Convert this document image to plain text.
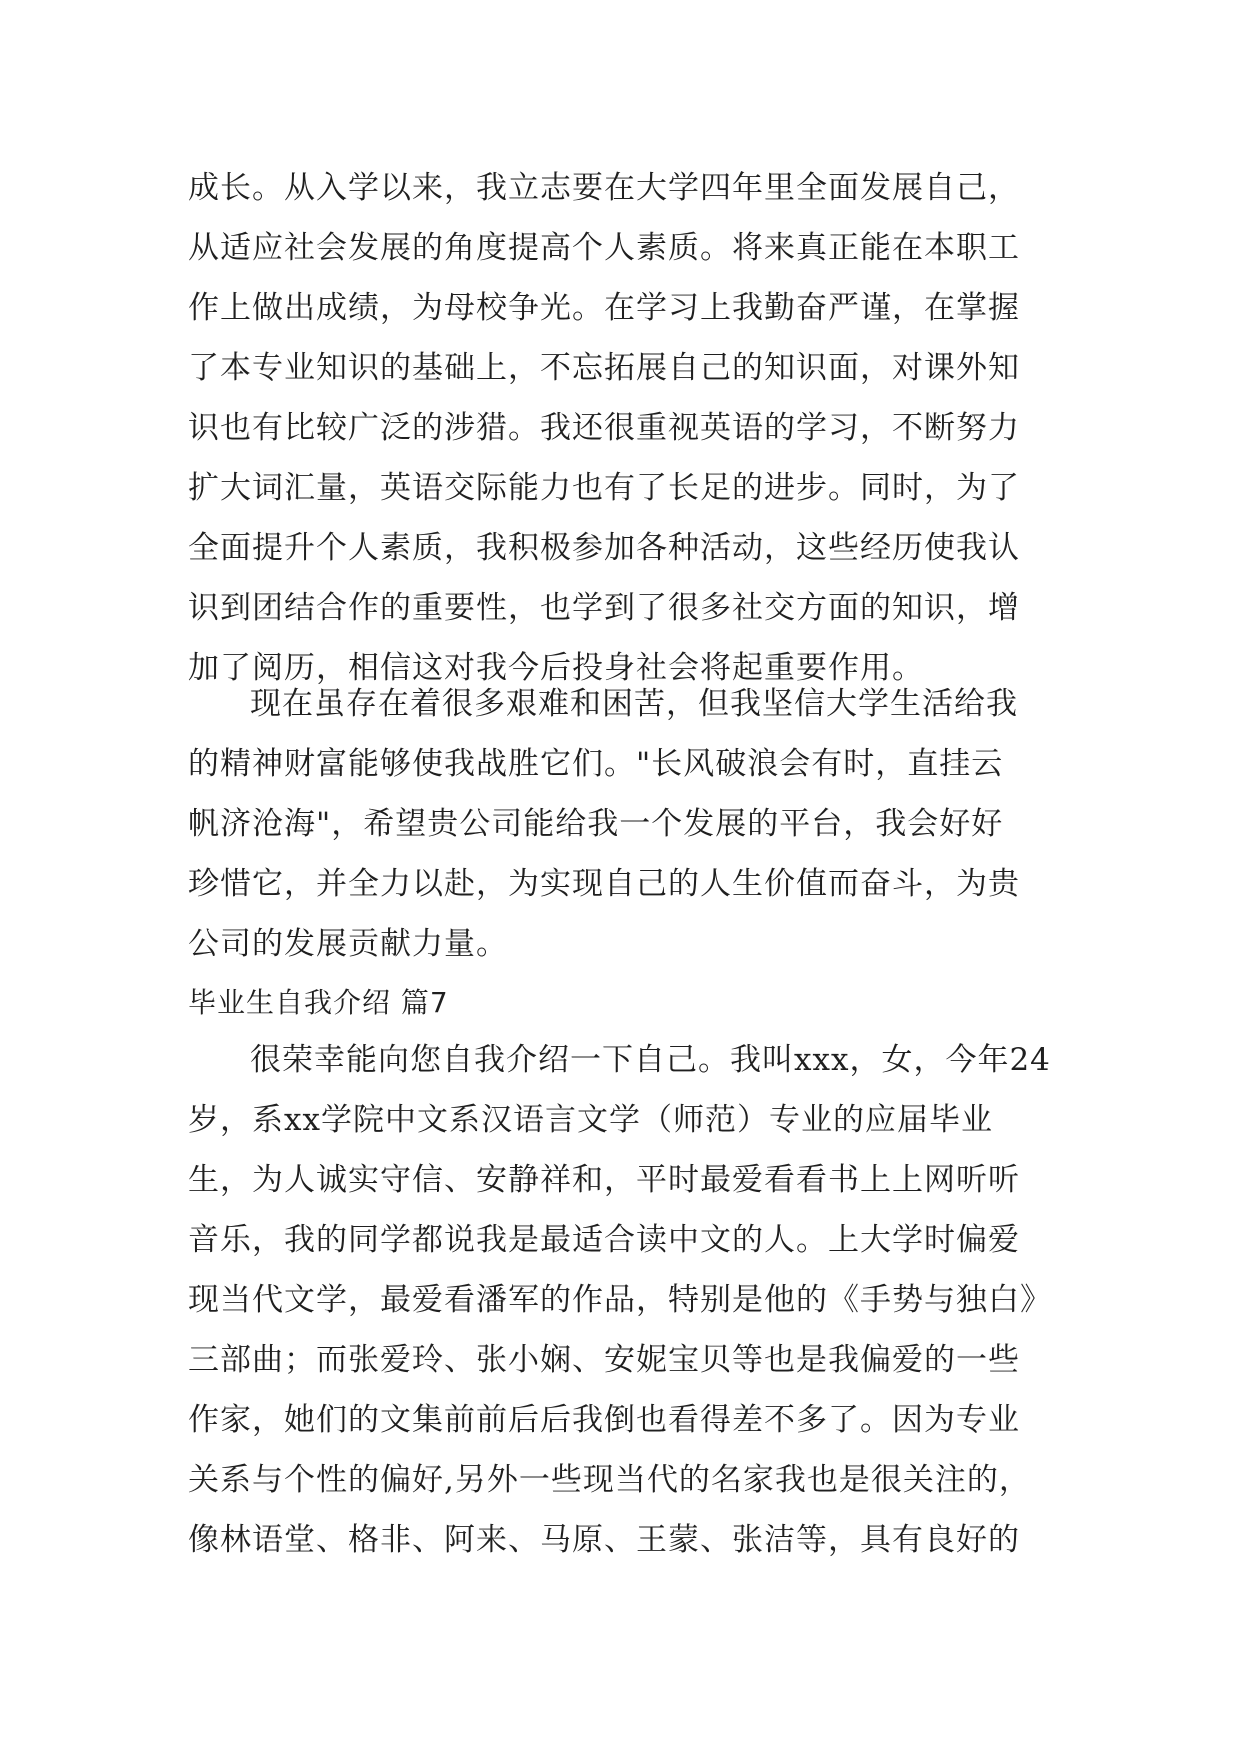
成长。从入学以来，我立志要在大学四年里全面发展自己，
从适应社会发展的角度提高个人素质。将来真正能在本职工
作上做出成绩，为母校争光。在学习上我勤奋严谨，在掌握
了本专业知识的基础上，不忘拓展自己的知识面，对课外知
识也有比较广泛的涉猎。我还很重视英语的学习，不断努力
扩大词汇量，英语交际能力也有了长足的进步。同时，为了
全面提升个人素质，我积极参加各种活动，这些经历使我认
识到团结合作的重要性，也学到了很多社交方面的知识，增
加了阅历，相信这对我今后投身社会将起重要作用。
现在虽存在着很多艰难和困苦，但我坚信大学生活给我
的精神财富能够使我战胜它们。"长风破浪会有时，直挂云
帆济沧海"，希望贵公司能给我一个发展的平台，我会好好
珍惜它，并全力以赴，为实现自己的人生价值而奋斗，为贵
公司的发展贡献力量。
毕业生自我介绍 篇7
很荣幸能向您自我介绍一下自己。我叫xxx，女，今年24
岁，系xx学院中文系汉语言文学（师范）专业的应届毕业
生，为人诚实守信、安静祥和，平时最爱看看书上上网听听
音乐，我的同学都说我是最适合读中文的人。上大学时偏爱
现当代文学，最爱看潘军的作品，特别是他的《手势与独白》
三部曲；而张爱玲、张小娴、安妮宝贝等也是我偏爱的一些
作家，她们的文集前前后后我倒也看得差不多了。因为专业
关系与个性的偏好,另外一些现当代的名家我也是很关注的，
像林语堂、格非、阿来、马原、王蒙、张洁等，具有良好的
